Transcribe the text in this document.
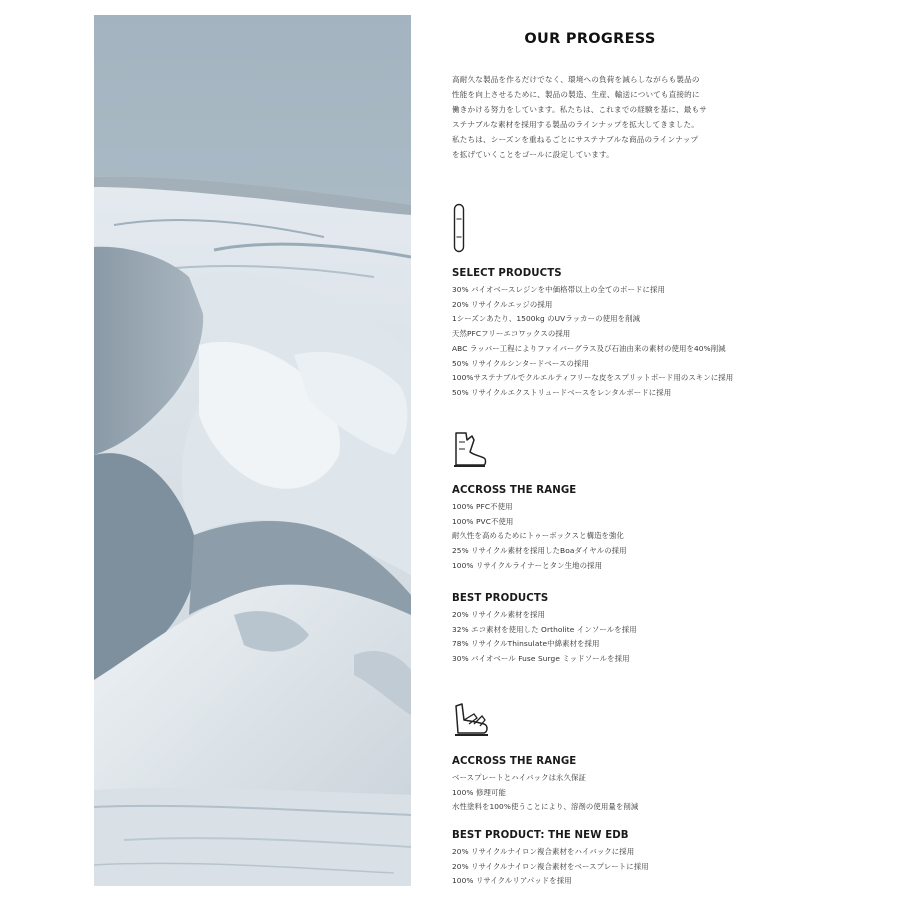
OUR PROGRESS

高耐久な製品を作るだけでなく、環境への負荷を減らしながらも製品の
性能を向上させるために、製品の製造、生産、輸送についても直接的に
働きかける努力をしています。私たちは、これまでの経験を基に、最もサ
ステナブルな素材を採用する製品のラインナップを拡大してきました。
私たちは、シーズンを重ねるごとにサステナブルな商品のラインナップ
を拡げていくことをゴールに設定しています。

SELECT PRODUCTS
30% バイオベースレジンを中価格帯以上の全てのボードに採用
20% リサイクルエッジの採用
1シーズンあたり、1500kg のUVラッカーの使用を削減
天然PFCフリーエコワックスの採用
ABC ラッバー工程によりファイバーグラス及び石油由来の素材の使用を40%削減
50% リサイクルシンタードベースの採用
100%サステナブルでクルエルティフリーな皮をスプリットボード用のスキンに採用
50% リサイクルエクストリュードベースをレンタルボードに採用
ACCROSS THE RANGE
100% PFC不使用
100% PVC不使用
耐久性を高めるためにトゥーボックスと構造を強化
25% リサイクル素材を採用したBoaダイヤルの採用
100% リサイクルライナーとタン生地の採用
BEST PRODUCTS
20% リサイクル素材を採用
32% エコ素材を使用した Ortholite インソールを採用
78% リサイクルThinsulate中綿素材を採用
30% バイオベール Fuse Surge ミッドソールを採用
ACCROSS THE RANGE
ベースプレートとハイバックは永久保証
100% 修理可能
水性塗料を100%使うことにより、溶剤の使用量を削減
BEST PRODUCT: THE NEW EDB
20% リサイクルナイロン複合素材をハイバックに採用
20% リサイクルナイロン複合素材をベースプレートに採用
100% リサイクルリアパッドを採用
